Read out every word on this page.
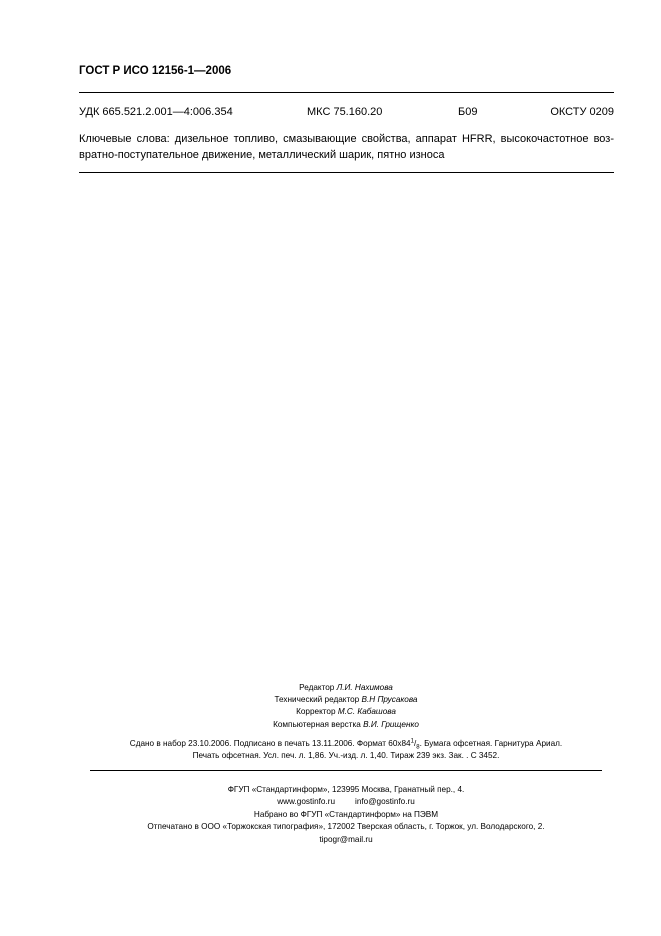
ГОСТ Р ИСО 12156-1—2006
УДК 665.521.2.001—4:006.354	МКС 75.160.20	Б09	ОКСТУ 0209
Ключевые слова: дизельное топливо, смазывающие свойства, аппарат HFRR, высокочастотное воз-
вратно-поступательное движение, металлический шарик, пятно износа
Редактор Л.И. Нахимова
Технический редактор В.Н Прусакова
Корректор М.С. Кабашова
Компьютерная верстка В.И. Грищенко
Сдано в набор 23.10.2006. Подписано в печать 13.11.2006. Формат $60x84^1/_8$. Бумага офсетная. Гарнитура Ариал.
Печать офсетная. Усл. печ. л. 1,86. Уч.-изд. л. 1,40. Тираж 239 экз. Зак. . С 3452.
ФГУП «Стандартинформ», 123995 Москва, Гранатный пер., 4.
www.gostinfo.ru info@gostinfo.ru
Набрано во ФГУП «Стандартинформ» на ПЭВМ
Отпечатано в ООО «Торжокская типография», 172002 Тверская область, г. Торжок, ул. Володарского, 2.
tipogr@mail.ru
